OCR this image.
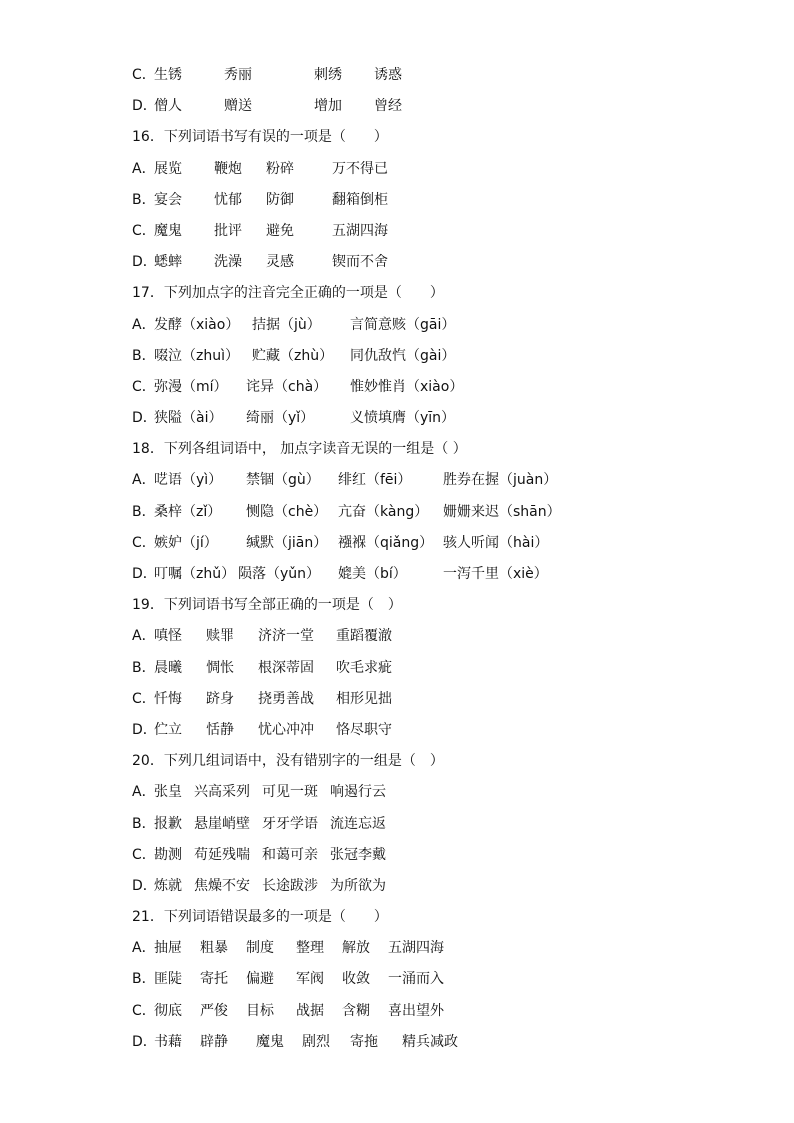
C．
生锈	秀丽	刺绣	诱惑
D．
僧人	赠送	增加	曾经
16．下列词语书写有误的一项是（　　）
A．
展览	鞭炮	粉碎	万不得已
B．
宴会	忧郁	防御	翻箱倒柜
C．
魔鬼	批评	避免	五湖四海
D．
蟋蟀	洗澡	灵感	锲而不舍
17．下列加点字的注音完全正确的一项是（　　）
A．
发酵（xiào） 拮据（jù）	言简意赅（gāi）
B．
啜泣（zhuì） 贮藏（zhù）	同仇敌忾（gài）
C．
弥漫（mí）	诧异（chà）	惟妙惟肖（xiào）
D．
狭隘（ài）	绮丽（yǐ）	义愤填膺（yīn）
18．下列各组词语中， 加点字读音无误的一组是（ ）
A．
呓语（yì）	禁锢（gù）	绯红（fēi）	胜券在握（juàn）
B．
桑梓（zǐ）	恻隐（chè） 亢奋（kàng）	姗姗来迟（shān）
C．
嫉妒（jí）	缄默（jiān） 襁褓（qiǎng） 骇人听闻（hài）
D．
叮嘱（zhǔ） 陨落（yǔn）	媲美（bí）	一泻千里（xiè）
19．下列词语书写全部正确的一项是（　）
A．
嗔怪	赎罪	济济一堂	重蹈覆澈
B．
晨曦	惆怅	根深蒂固	吹毛求疵
C．
忏悔	跻身	挠勇善战	相形见拙
D．
伫立	恬静	忧心冲冲	恪尽职守
20．下列几组词语中，没有错别字的一组是（　）
A．
张皇 兴高采列 可见一斑 响遏行云
B．
报歉 悬崖峭壁 牙牙学语 流连忘返
C．
勘测 苟延残喘 和蔼可亲 张冠李戴
D．
炼就 焦燥不安 长途跋涉 为所欲为
21．下列词语错误最多的一项是（　　）
A．
抽屉	粗暴	制度	整理	解放	五湖四海
B．
匪陡	寄托	偏避	军阀	收敛	一涌而入
C．
彻底	严俊	目标	战据	含糊	喜出望外
D．
书藉	辟静	魔鬼	剧烈	寄拖	精兵减政
